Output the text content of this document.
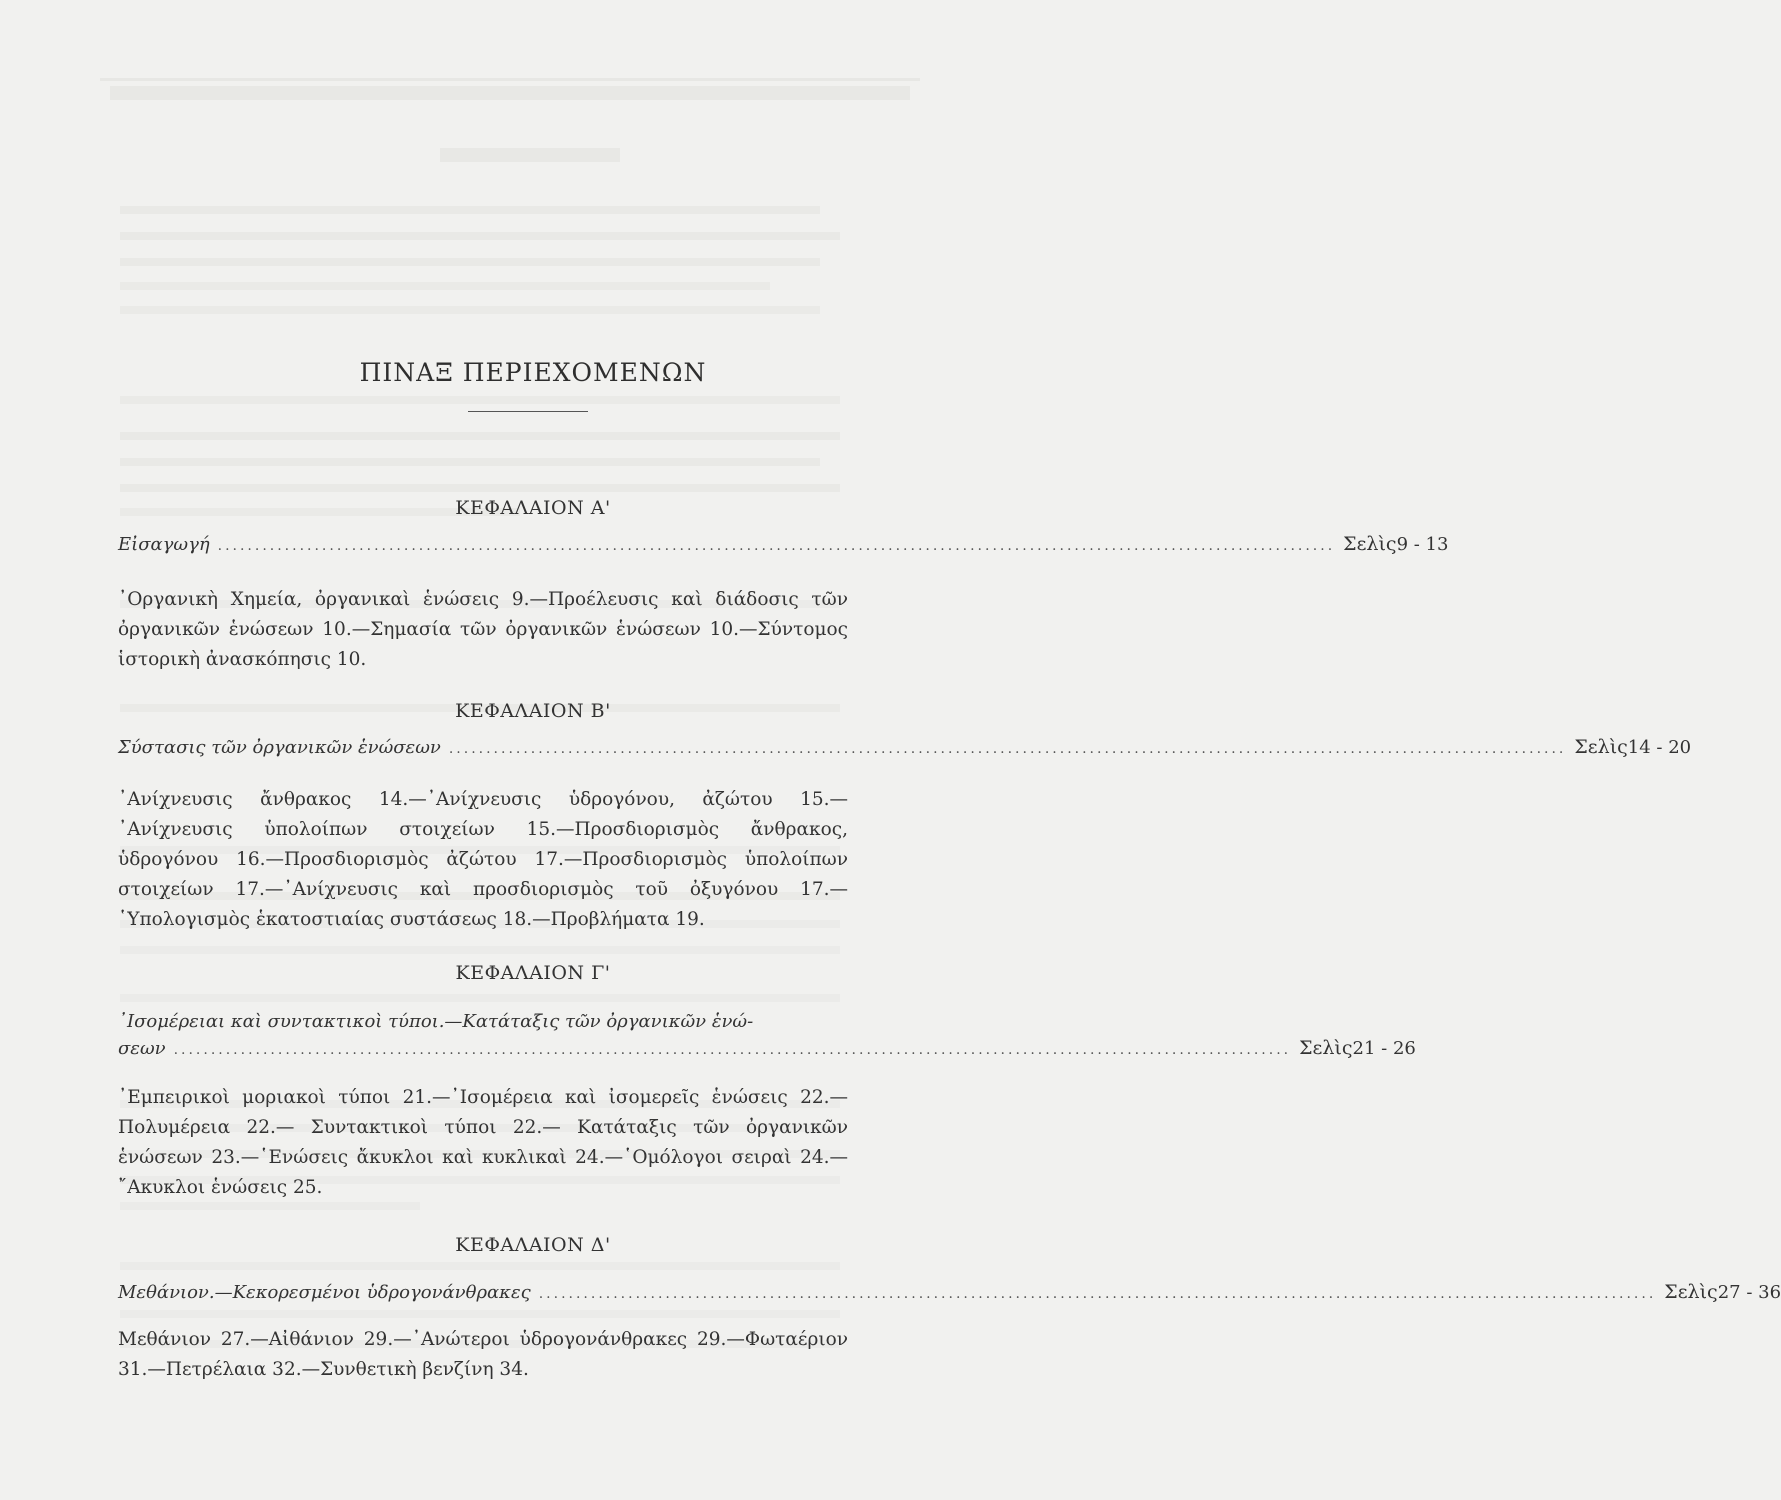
ΠΙΝΑΞ ΠΕΡΙΕΧΟΜΕΝΩΝ
ΚΕΦΑΛΑΙΟΝ Α'
Εἰσαγωγή ...................................................................................................................................................... Σελὶς 9 - 13
᾿Οργανικὴ Χημεία, ὀργανικαὶ ἑνώσεις 9.—Προέλευσις καὶ διάδοσις τῶν ὀργανικῶν ἑνώσεων 10.—Σημασία τῶν ὀργανικῶν ἑνώσεων 10.—Σύντομος ἱστορικὴ ἀνασκόπησις 10.
ΚΕΦΑΛΑΙΟΝ Β'
Σύστασις τῶν ὀργανικῶν ἑνώσεων ...................................................................................................................................................... Σελὶς 14 - 20
᾿Ανίχνευσις ἄνθρακος 14.—᾿Ανίχνευσις ὑδρογόνου, ἀζώτου 15.—᾿Ανίχνευσις ὑπολοίπων στοιχείων 15.—Προσδιορισμὸς ἄνθρακος, ὑδρογόνου 16.—Προσδιορισμὸς ἀζώτου 17.—Προσδιορισμὸς ὑπολοίπων στοιχείων 17.—᾿Ανίχνευσις καὶ προσδιορισμὸς τοῦ ὀξυγόνου 17.—῾Υπολογισμὸς ἑκατοστιαίας συστάσεως 18.—Προβλήματα 19.
ΚΕΦΑΛΑΙΟΝ Γ'
᾿Ισομέρειαι καὶ συντακτικοὶ τύποι.—Κατάταξις τῶν ὀργανικῶν ἑνώ-
σεων ...................................................................................................................................................... Σελὶς 21 - 26
᾿Εμπειρικοὶ μοριακοὶ τύποι 21.—᾿Ισομέρεια καὶ ἰσομερεῖς ἑνώσεις 22.—Πολυμέρεια 22.— Συντακτικοὶ τύποι 22.— Κατάταξις τῶν ὀργανικῶν ἑνώσεων 23.—῾Ενώσεις ἄκυκλοι καὶ κυκλικαὶ 24.—῾Ομόλογοι σειραὶ 24.—῎Ακυκλοι ἑνώσεις 25.
ΚΕΦΑΛΑΙΟΝ Δ'
Μεθάνιον.—Κεκορεσμένοι ὑδρογονάνθρακες ...................................................................................................................................................... Σελὶς 27 - 36
Μεθάνιον 27.—Αἰθάνιον 29.—᾿Ανώτεροι ὑδρογονάνθρακες 29.—Φωταέριον 31.—Πετρέλαια 32.—Συνθετικὴ βενζίνη 34.
